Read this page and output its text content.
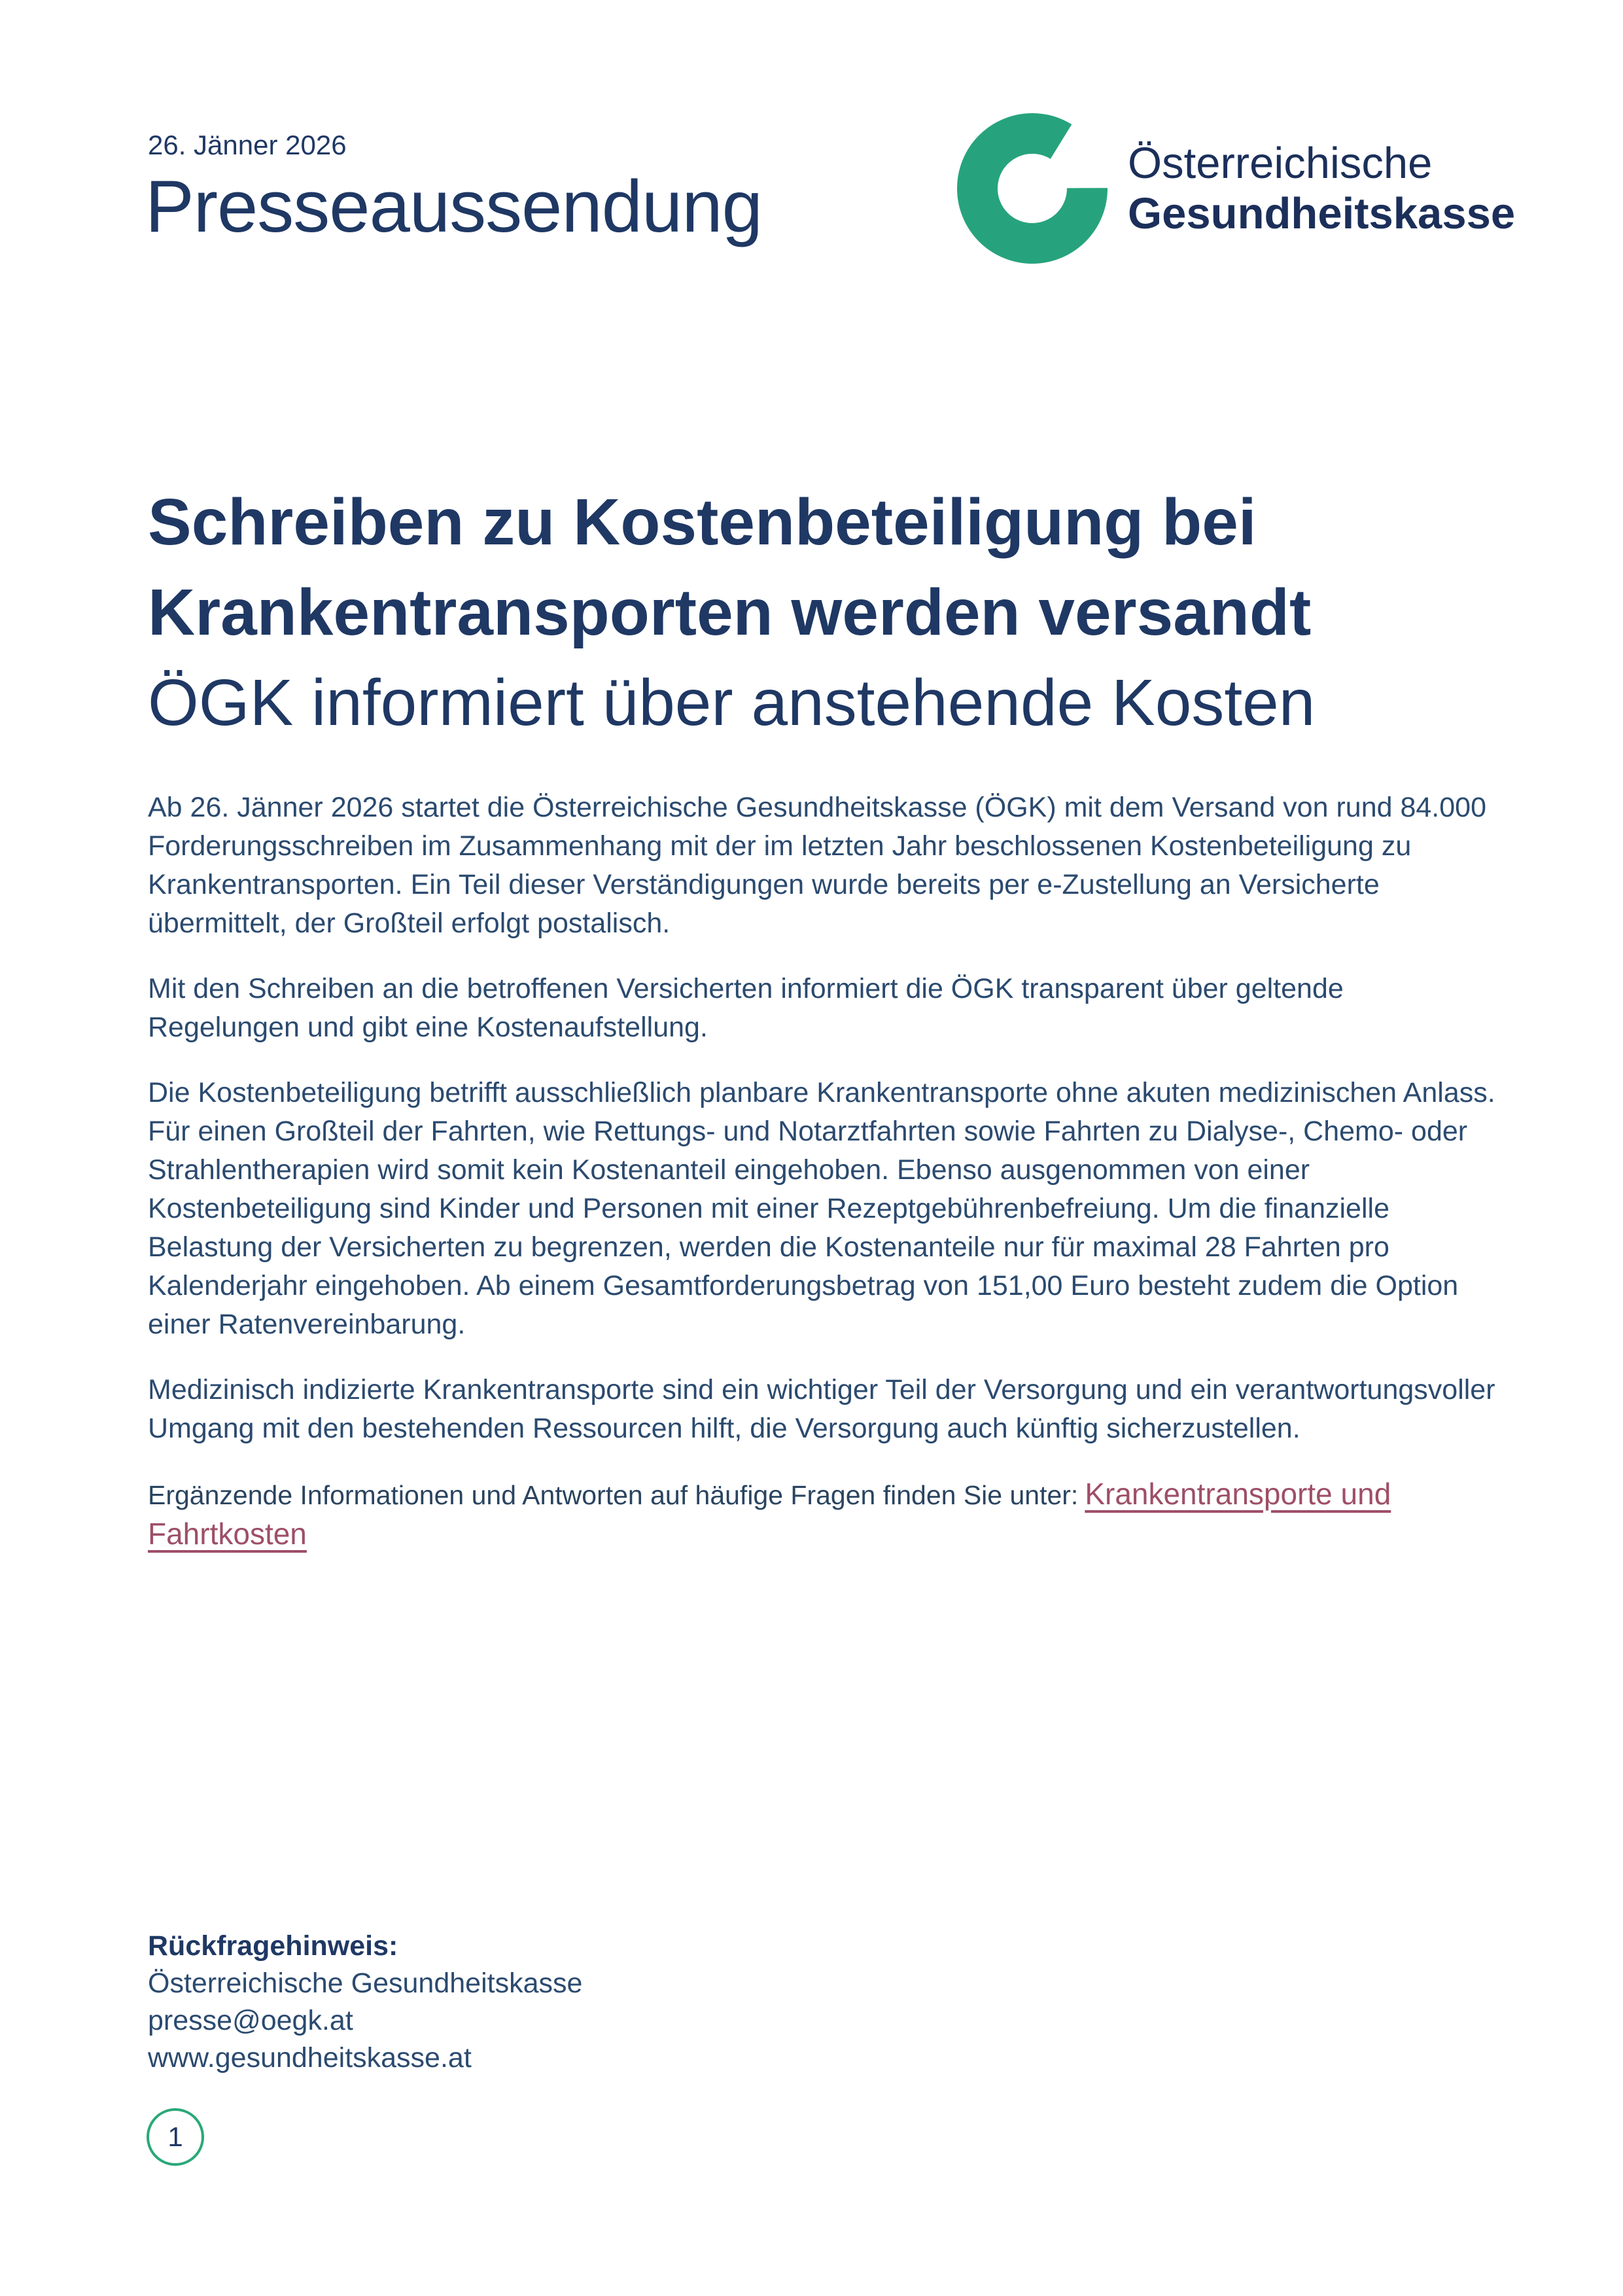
26. Jänner 2026
Presseaussendung
Österreichische
Gesundheitskasse
Schreiben zu Kostenbeteiligung bei
Krankentransporten werden versandt
ÖGK informiert über anstehende Kosten

Ab 26. Jänner 2026 startet die Österreichische Gesundheitskasse (ÖGK) mit dem Versand von rund 84.000 Forderungsschreiben im Zusammenhang mit der im letzten Jahr beschlossenen Kostenbeteiligung zu Krankentransporten. Ein Teil dieser Verständigungen wurde bereits per e-Zustellung an Versicherte übermittelt, der Großteil erfolgt postalisch.

Mit den Schreiben an die betroffenen Versicherten informiert die ÖGK transparent über geltende Regelungen und gibt eine Kostenaufstellung.

Die Kostenbeteiligung betrifft ausschließlich planbare Krankentransporte ohne akuten medizinischen Anlass. Für einen Großteil der Fahrten, wie Rettungs- und Notarztfahrten sowie Fahrten zu Dialyse-, Chemo- oder Strahlentherapien wird somit kein Kostenanteil eingehoben. Ebenso ausgenommen von einer Kostenbeteiligung sind Kinder und Personen mit einer Rezeptgebührenbefreiung. Um die finanzielle Belastung der Versicherten zu begrenzen, werden die Kostenanteile nur für maximal 28 Fahrten pro Kalenderjahr eingehoben. Ab einem Gesamtforderungsbetrag von 151,00 Euro besteht zudem die Option einer Ratenvereinbarung.

Medizinisch indizierte Krankentransporte sind ein wichtiger Teil der Versorgung und ein verantwortungsvoller Umgang mit den bestehenden Ressourcen hilft, die Versorgung auch künftig sicherzustellen.

Ergänzende Informationen und Antworten auf häufige Fragen finden Sie unter: Krankentransporte und Fahrtkosten

Rückfragehinweis:
Österreichische Gesundheitskasse
presse@oegk.at
www.gesundheitskasse.at
1
